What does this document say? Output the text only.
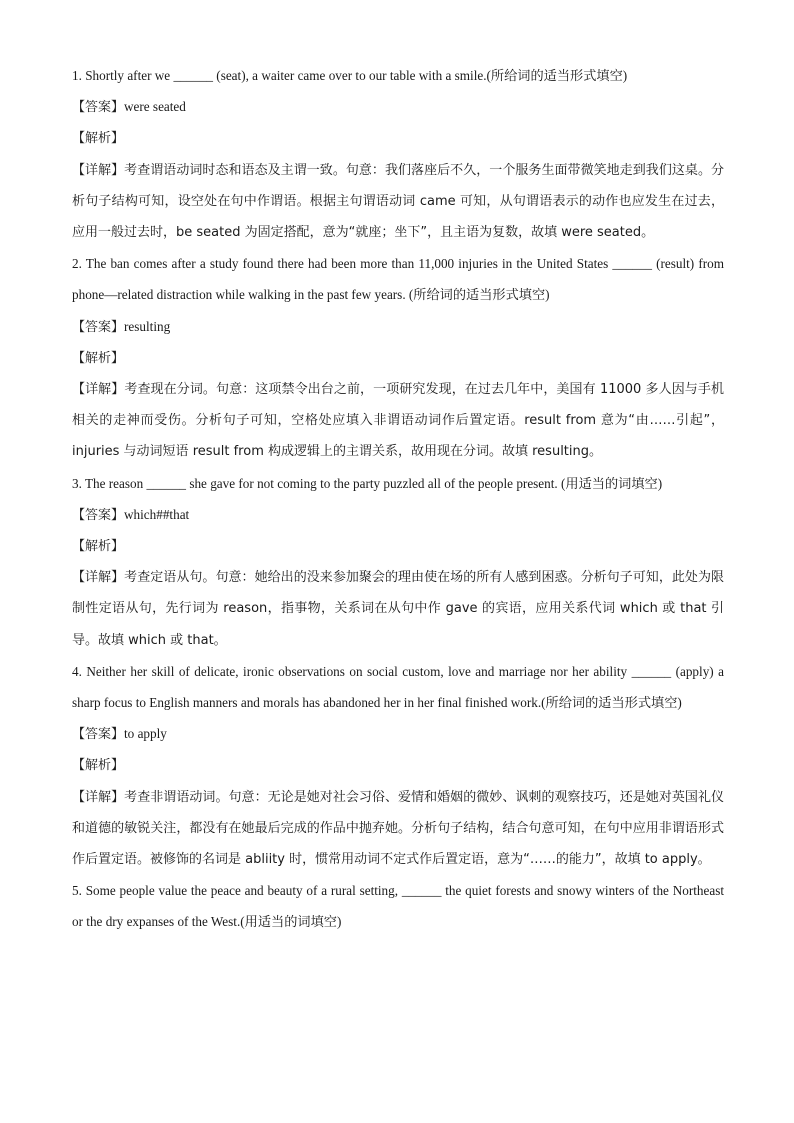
1. Shortly after we ______ (seat), a waiter came over to our table with a smile.(所给词的适当形式填空)

【答案】were seated

【解析】

【详解】考查谓语动词时态和语态及主谓一致。句意：我们落座后不久，一个服务生面带微笑地走到我们这桌。分析句子结构可知，设空处在句中作谓语。根据主句谓语动词 came 可知，从句谓语表示的动作也应发生在过去，应用一般过去时，be seated 为固定搭配，意为“就座；坐下”，且主语为复数，故填 were seated。

2. The ban comes after a study found there had been more than 11,000 injuries in the United States ______ (result) from phone—related distraction while walking in the past few years. (所给词的适当形式填空)

【答案】resulting

【解析】

【详解】考查现在分词。句意：这项禁令出台之前，一项研究发现，在过去几年中，美国有 11000 多人因与手机相关的走神而受伤。分析句子可知，空格处应填入非谓语动词作后置定语。result from 意为“由……引起”，injuries 与动词短语 result from 构成逻辑上的主谓关系，故用现在分词。故填 resulting。

3. The reason ______ she gave for not coming to the party puzzled all of the people present. (用适当的词填空)

【答案】which##that

【解析】

【详解】考查定语从句。句意：她给出的没来参加聚会的理由使在场的所有人感到困惑。分析句子可知，此处为限制性定语从句，先行词为 reason，指事物，关系词在从句中作 gave 的宾语，应用关系代词 which 或 that 引导。故填 which 或 that。

4. Neither her skill of delicate, ironic observations on social custom, love and marriage nor her ability ______ (apply) a sharp focus to English manners and morals has abandoned her in her final finished work.(所给词的适当形式填空)

【答案】to apply

【解析】

【详解】考查非谓语动词。句意：无论是她对社会习俗、爱情和婚姻的微妙、讽刺的观察技巧，还是她对英国礼仪和道德的敏锐关注，都没有在她最后完成的作品中抛弃她。分析句子结构，结合句意可知，在句中应用非谓语形式作后置定语。被修饰的名词是 abliity 时，惯常用动词不定式作后置定语，意为“……的能力”，故填 to apply。

5. Some people value the peace and beauty of a rural setting, ______ the quiet forests and snowy winters of the Northeast or the dry expanses of the West.(用适当的词填空)
